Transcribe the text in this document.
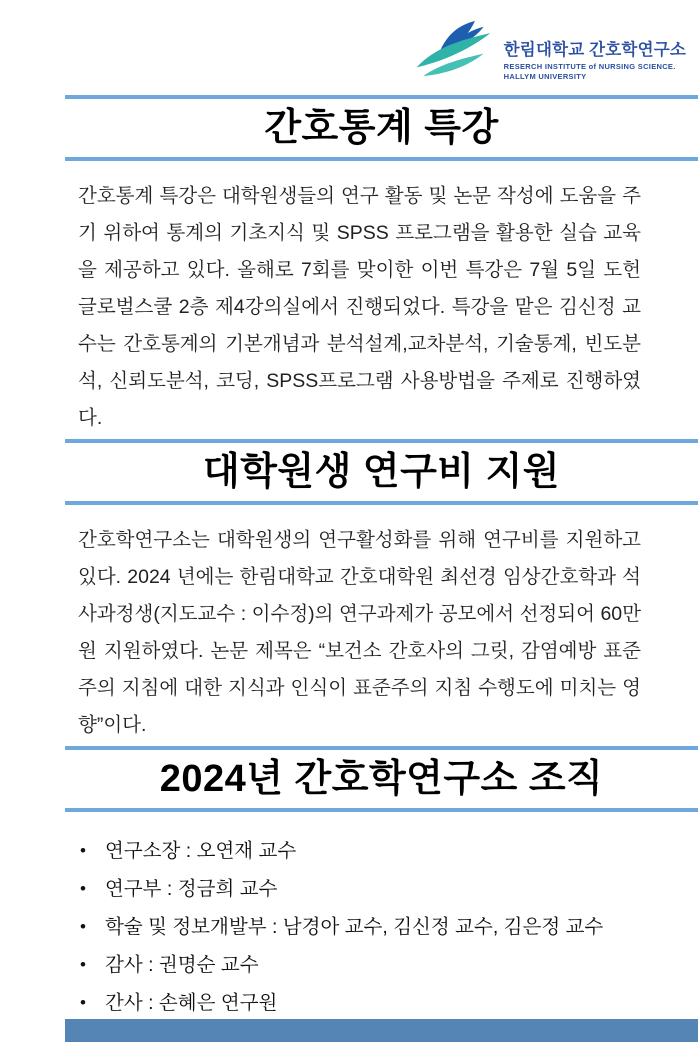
한림대학교 간호학연구소
RESERCH INSTITUTE of NURSING SCIENCE.
HALLYM UNIVERSITY
간호통계 특강

간호통계 특강은 대학원생들의 연구 활동 및 논문 작성에 도움을 주기 위하여 통계의 기초지식 및 SPSS 프로그램을 활용한 실습 교육을 제공하고 있다. 올해로 7회를 맞이한 이번 특강은 7월 5일 도헌글로벌스쿨 2층 제4강의실에서 진행되었다. 특강을 맡은 김신정 교수는 간호통계의 기본개념과 분석설계,교차분석, 기술통계, 빈도분석, 신뢰도분석, 코딩, SPSS프로그램 사용방법을 주제로 진행하였다.

대학원생 연구비 지원

간호학연구소는 대학원생의 연구활성화를 위해 연구비를 지원하고 있다. 2024 년에는 한림대학교 간호대학원 최선경 임상간호학과 석사과정생(지도교수 : 이수정)의 연구과제가 공모에서 선정되어 60만원 지원하였다. 논문 제목은 “보건소 간호사의 그릿, 감염예방 표준주의 지침에 대한 지식과 인식이 표준주의 지침 수행도에 미치는 영향”이다.

2024년 간호학연구소 조직
• 연구소장 : 오연재 교수
• 연구부 : 정금희 교수
• 학술 및 정보개발부 : 남경아 교수, 김신정 교수, 김은정 교수
• 감사 : 권명순 교수
• 간사 : 손혜은 연구원
